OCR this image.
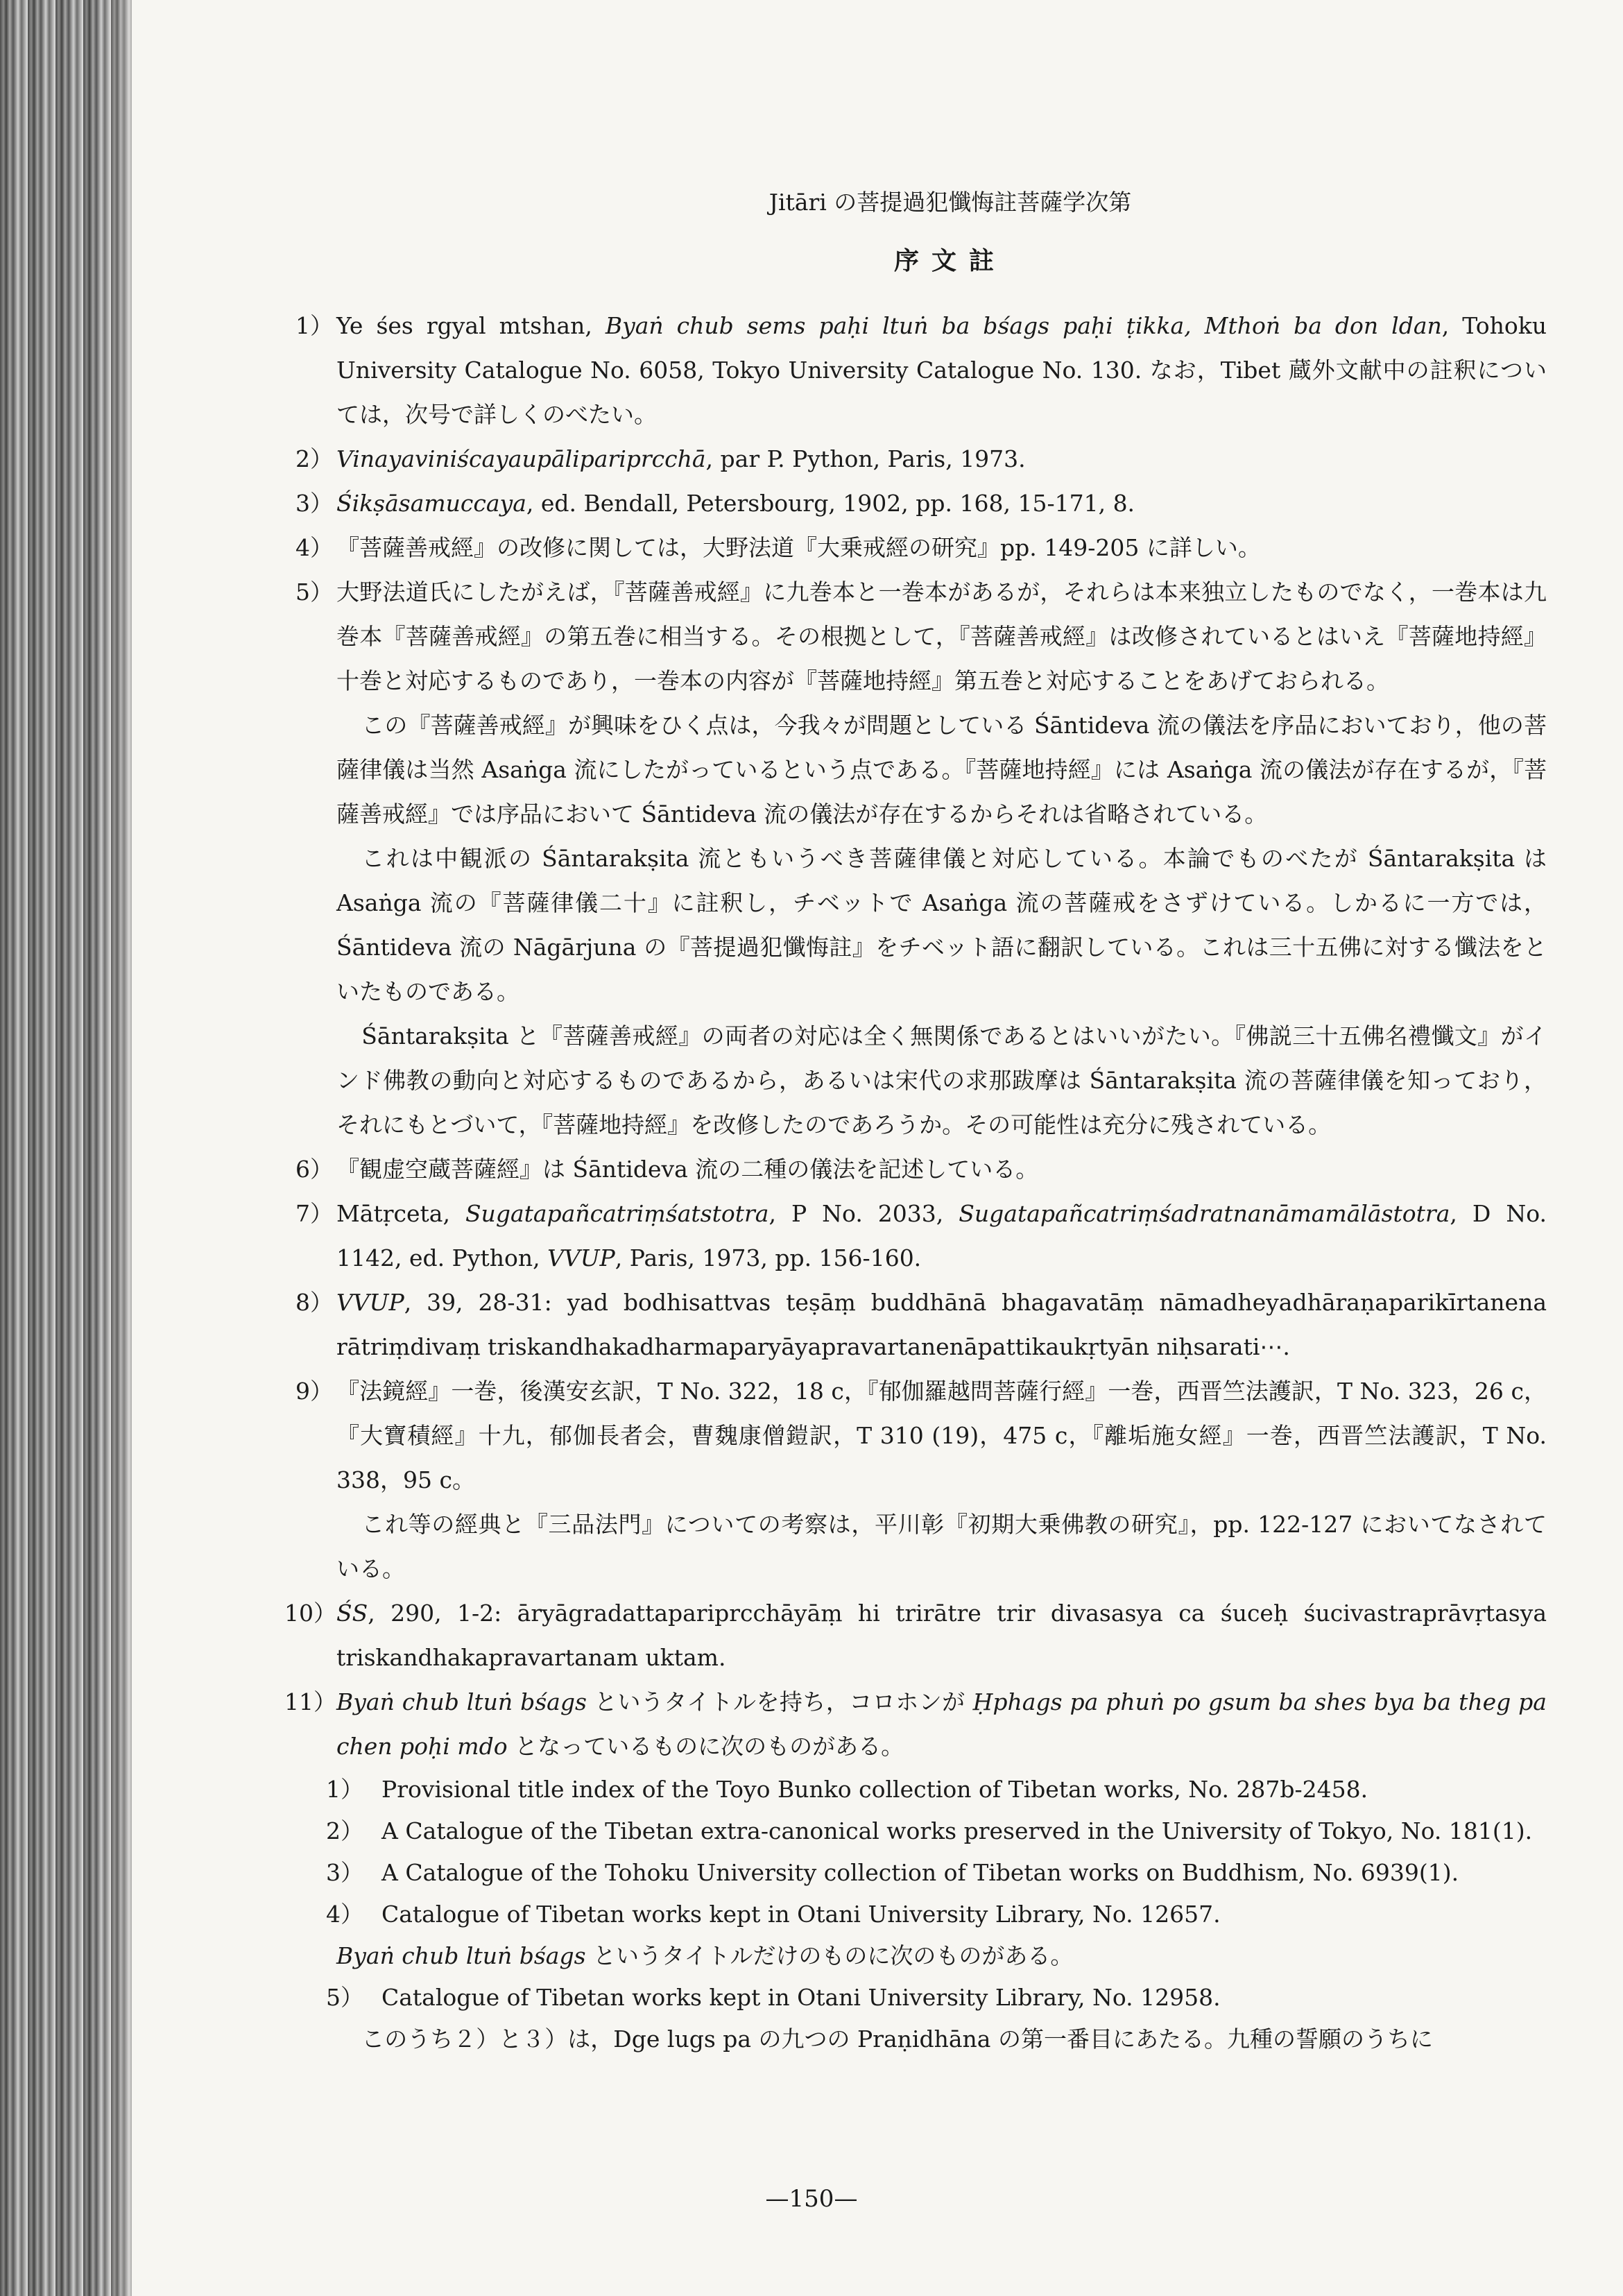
Jitāri の菩提過犯懺悔註菩薩学次第
序文註
1） Ye śes rgyal mtshan, Byaṅ chub sems paḥi ltuṅ ba bśags paḥi ṭikka, Mthoṅ ba don ldan, Tohoku University Catalogue No. 6058, Tokyo University Catalogue No. 130. なお，Tibet 蔵外文献中の註釈については，次号で詳しくのべたい。

2） Vinayaviniścayaupālipariprcchā, par P. Python, Paris, 1973.

3） Śikṣāsamuccaya, ed. Bendall, Petersbourg, 1902, pp. 168, 15-171, 8.

4） 『菩薩善戒經』の改修に関しては，大野法道『大乗戒經の研究』pp. 149-205 に詳しい。

5） 大野法道氏にしたがえば，『菩薩善戒經』に九巻本と一巻本があるが，それらは本来独立したものでなく，一巻本は九巻本『菩薩善戒經』の第五巻に相当する。その根拠として，『菩薩善戒經』は改修されているとはいえ『菩薩地持經』十巻と対応するものであり，一巻本の内容が『菩薩地持經』第五巻と対応することをあげておられる。

この『菩薩善戒經』が興味をひく点は，今我々が問題としている Śāntideva 流の儀法を序品においており，他の菩薩律儀は当然 Asaṅga 流にしたがっているという点である。『菩薩地持經』には Asaṅga 流の儀法が存在するが，『菩薩善戒經』では序品において Śāntideva 流の儀法が存在するからそれは省略されている。

これは中観派の Śāntarakṣita 流ともいうべき菩薩律儀と対応している。本論でものべたが Śāntarakṣita は Asaṅga 流の『菩薩律儀二十』に註釈し，チベットで Asaṅga 流の菩薩戒をさずけている。しかるに一方では，Śāntideva 流の Nāgārjuna の『菩提過犯懺悔註』をチベット語に翻訳している。これは三十五佛に対する懺法をといたものである。

Śāntarakṣita と『菩薩善戒經』の両者の対応は全く無関係であるとはいいがたい。『佛説三十五佛名禮懺文』がインド佛教の動向と対応するものであるから，あるいは宋代の求那跋摩は Śāntarakṣita 流の菩薩律儀を知っており，それにもとづいて，『菩薩地持經』を改修したのであろうか。その可能性は充分に残されている。

6） 『観虚空蔵菩薩經』は Śāntideva 流の二種の儀法を記述している。

7） Mātṛceta, Sugatapañcatriṃśatstotra, P No. 2033, Sugatapañcatriṃśadratnanāmamālāstotra, D No. 1142, ed. Python, VVUP, Paris, 1973, pp. 156-160.

8） VVUP, 39, 28-31: yad bodhisattvas teṣāṃ buddhānā bhagavatāṃ nāmadheyadhāraṇaparikīrtanena rātriṃdivaṃ triskandhakadharmaparyāyapravartanenāpattikaukṛtyān niḥsarati⋯.

9） 『法鏡經』一巻，後漢安玄訳，T No. 322，18 c，『郁伽羅越問菩薩行經』一巻，西晋竺法護訳，T No. 323，26 c，『大寶積經』十九，郁伽長者会，曹魏康僧鎧訳，T 310 (19)，475 c，『離垢施女經』一巻，西晋竺法護訳，T No. 338，95 c。

これ等の經典と『三品法門』についての考察は，平川彰『初期大乗佛教の研究』，pp. 122-127 においてなされている。

10） ŚS, 290, 1-2: āryāgradattapariprcchāyāṃ hi trirātre trir divasasya ca śuceḥ śucivastraprāvṛtasya triskandhakapravartanam uktam.

11） Byaṅ chub ltuṅ bśags というタイトルを持ち，コロホンが Ḥphags pa phuṅ po gsum ba shes bya ba theg pa chen poḥi mdo となっているものに次のものがある。

1） Provisional title index of the Toyo Bunko collection of Tibetan works, No. 287b-2458.
2） A Catalogue of the Tibetan extra-canonical works preserved in the University of Tokyo, No. 181(1).
3） A Catalogue of the Tohoku University collection of Tibetan works on Buddhism, No. 6939(1).
4） Catalogue of Tibetan works kept in Otani University Library, No. 12657.

Byaṅ chub ltuṅ bśags というタイトルだけのものに次のものがある。

5） Catalogue of Tibetan works kept in Otani University Library, No. 12958.

このうち２）と３）は，Dge lugs pa の九つの Praṇidhāna の第一番目にあたる。九種の誓願のうちに

—150—
